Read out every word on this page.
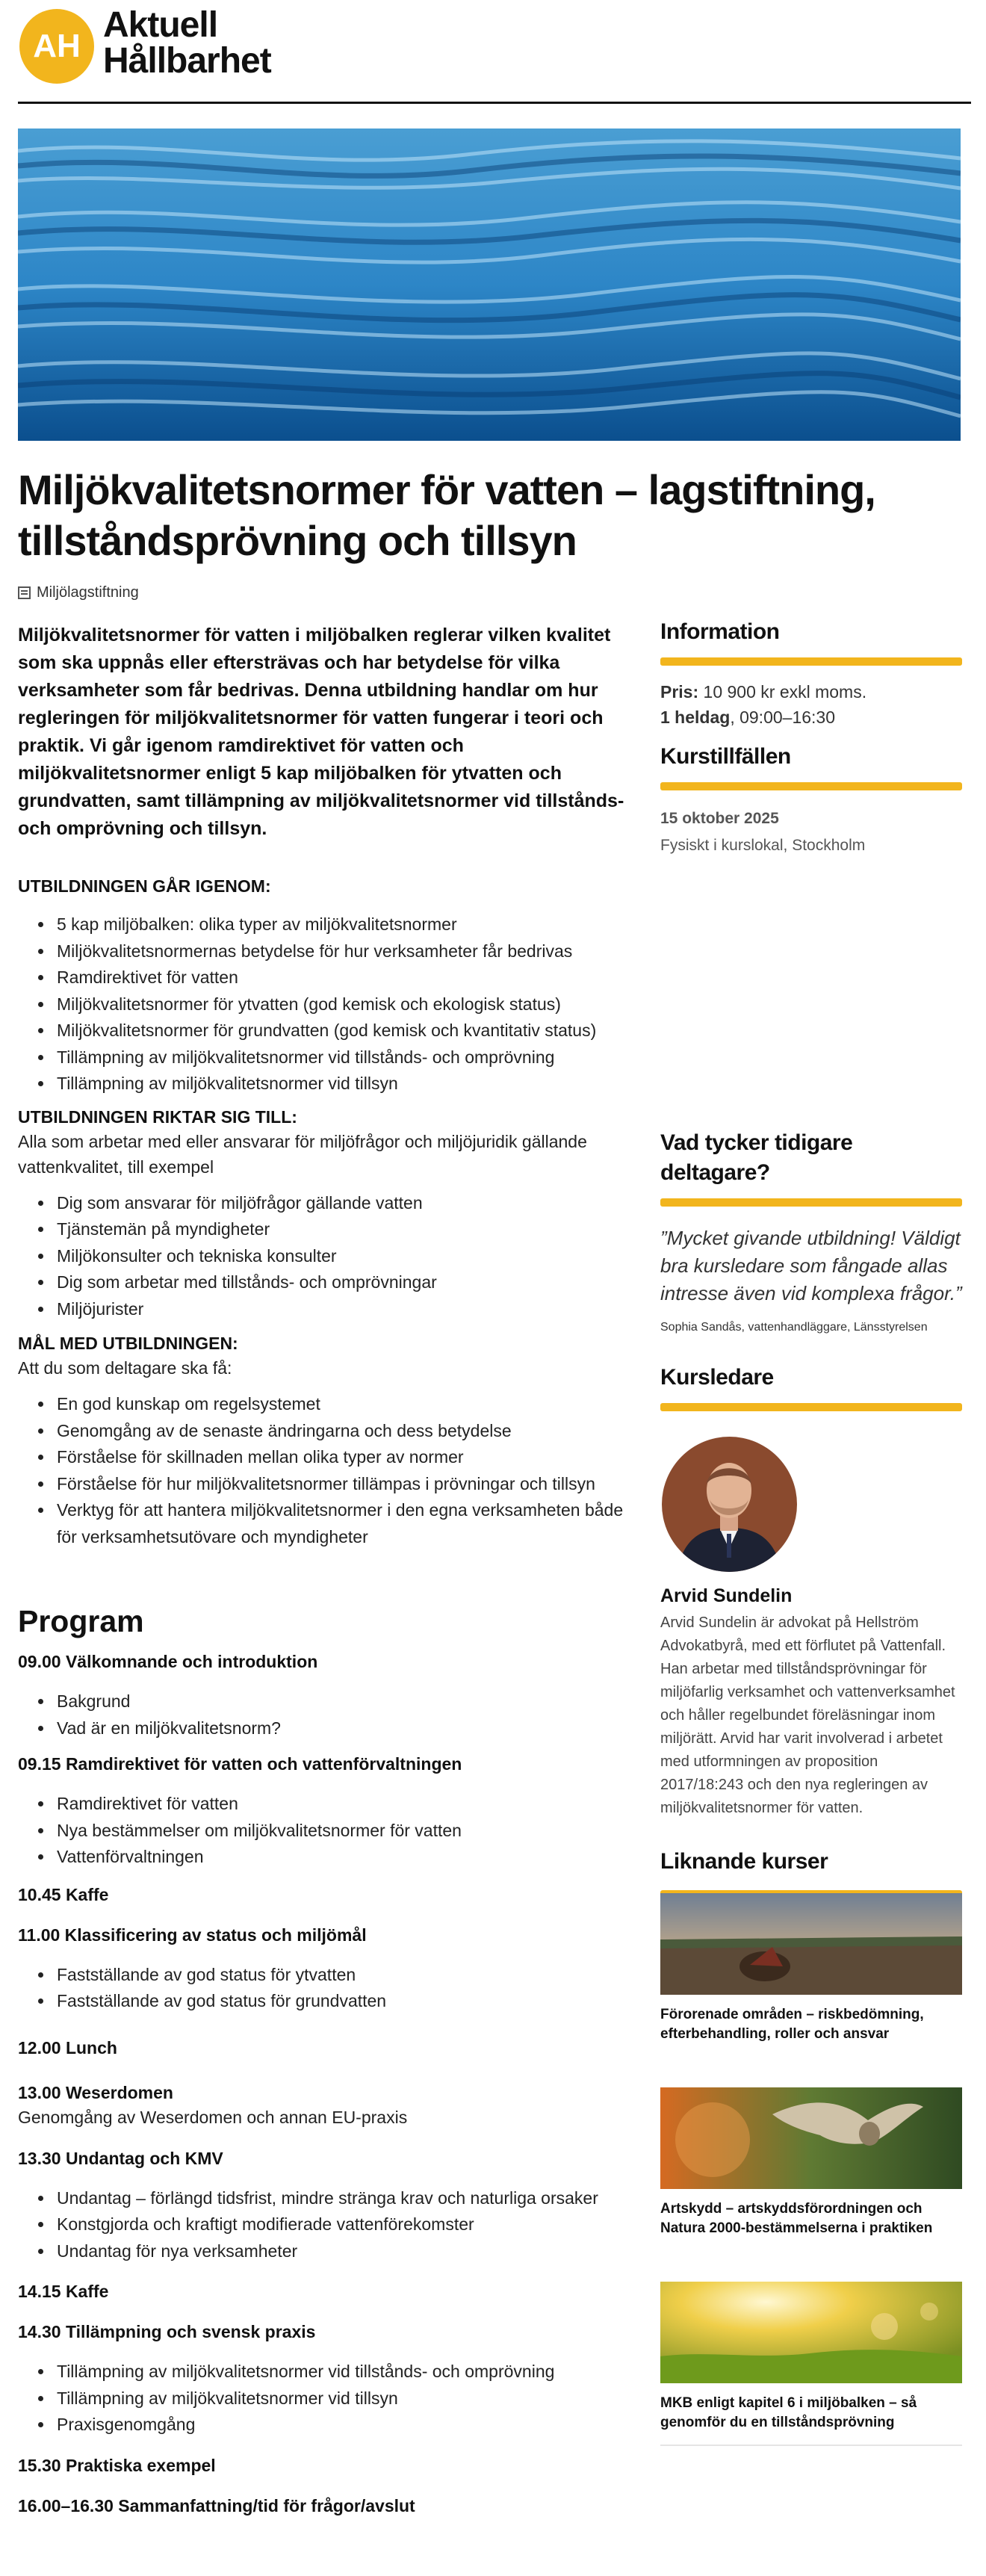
AH
Aktuell
Hållbarhet
Miljökvalitetsnormer för vatten – lagstiftning, tillståndsprövning och tillsyn
Miljölagstiftning

Miljökvalitetsnormer för vatten i miljöbalken reglerar vilken kvalitet som ska uppnås eller eftersträvas och har betydelse för vilka verksamheter som får bedrivas. Denna utbildning handlar om hur regleringen för miljökvalitetsnormer för vatten fungerar i teori och praktik. Vi går igenom ramdirektivet för vatten och miljökvalitetsnormer enligt 5 kap miljöbalken för ytvatten och grundvatten, samt tillämpning av miljökvalitetsnormer vid tillstånds- och omprövning och tillsyn.

UTBILDNINGEN GÅR IGENOM:
5 kap miljöbalken: olika typer av miljökvalitetsnormer
Miljökvalitetsnormernas betydelse för hur verksamheter får bedrivas
Ramdirektivet för vatten
Miljökvalitetsnormer för ytvatten (god kemisk och ekologisk status)
Miljökvalitetsnormer för grundvatten (god kemisk och kvantitativ status)
Tillämpning av miljökvalitetsnormer vid tillstånds- och omprövning
Tillämpning av miljökvalitetsnormer vid tillsyn
UTBILDNINGEN RIKTAR SIG TILL:

Alla som arbetar med eller ansvarar för miljöfrågor och miljöjuridik gällande vattenkvalitet, till exempel

Dig som ansvarar för miljöfrågor gällande vatten
Tjänstemän på myndigheter
Miljökonsulter och tekniska konsulter
Dig som arbetar med tillstånds- och omprövningar
Miljöjurister
MÅL MED UTBILDNINGEN:

Att du som deltagare ska få:

En god kunskap om regelsystemet
Genomgång av de senaste ändringarna och dess betydelse
Förståelse för skillnaden mellan olika typer av normer
Förståelse för hur miljökvalitetsnormer tillämpas i prövningar och tillsyn
Verktyg för att hantera miljökvalitetsnormer i den egna verksamheten både för verksamhetsutövare och myndigheter
Program
09.00 Välkomnande och introduktion
Bakgrund
Vad är en miljökvalitetsnorm?
09.15 Ramdirektivet för vatten och vattenförvaltningen
Ramdirektivet för vatten
Nya bestämmelser om miljökvalitetsnormer för vatten
Vattenförvaltningen
10.45 Kaffe
11.00 Klassificering av status och miljömål
Fastställande av god status för ytvatten
Fastställande av god status för grundvatten
12.00 Lunch
13.00 Weserdomen

Genomgång av Weserdomen och annan EU-praxis

13.30 Undantag och KMV
Undantag – förlängd tidsfrist, mindre stränga krav och naturliga orsaker
Konstgjorda och kraftigt modifierade vattenförekomster
Undantag för nya verksamheter
14.15 Kaffe
14.30 Tillämpning och svensk praxis
Tillämpning av miljökvalitetsnormer vid tillstånds- och omprövning
Tillämpning av miljökvalitetsnormer vid tillsyn
Praxisgenomgång
15.30 Praktiska exempel
16.00–16.30 Sammanfattning/tid för frågor/avslut
Information
Pris: 10 900 kr exkl moms.
1 heldag, 09:00–16:30
Kurstillfällen
15 oktober 2025
Fysiskt i kurslokal, Stockholm
Vad tycker tidigare deltagare?
”Mycket givande utbildning! Väldigt bra kursledare som fångade allas intresse även vid komplexa frågor.”
Sophia Sandås, vattenhandläggare, Länsstyrelsen
Kursledare
Arvid Sundelin

Arvid Sundelin är advokat på Hellström Advokatbyrå, med ett förflutet på Vattenfall. Han arbetar med tillståndsprövningar för miljöfarlig verksamhet och vattenverksamhet och håller regelbundet föreläsningar inom miljörätt. Arvid har varit involverad i arbetet med utformningen av proposition 2017/18:243 och den nya regleringen av miljökvalitetsnormer för vatten.

Liknande kurser
Förorenade områden – riskbedömning, efterbehandling, roller och ansvar
Artskydd – artskyddsförordningen och Natura 2000-bestämmelserna i praktiken
MKB enligt kapitel 6 i miljöbalken – så genomför du en tillståndsprövning
